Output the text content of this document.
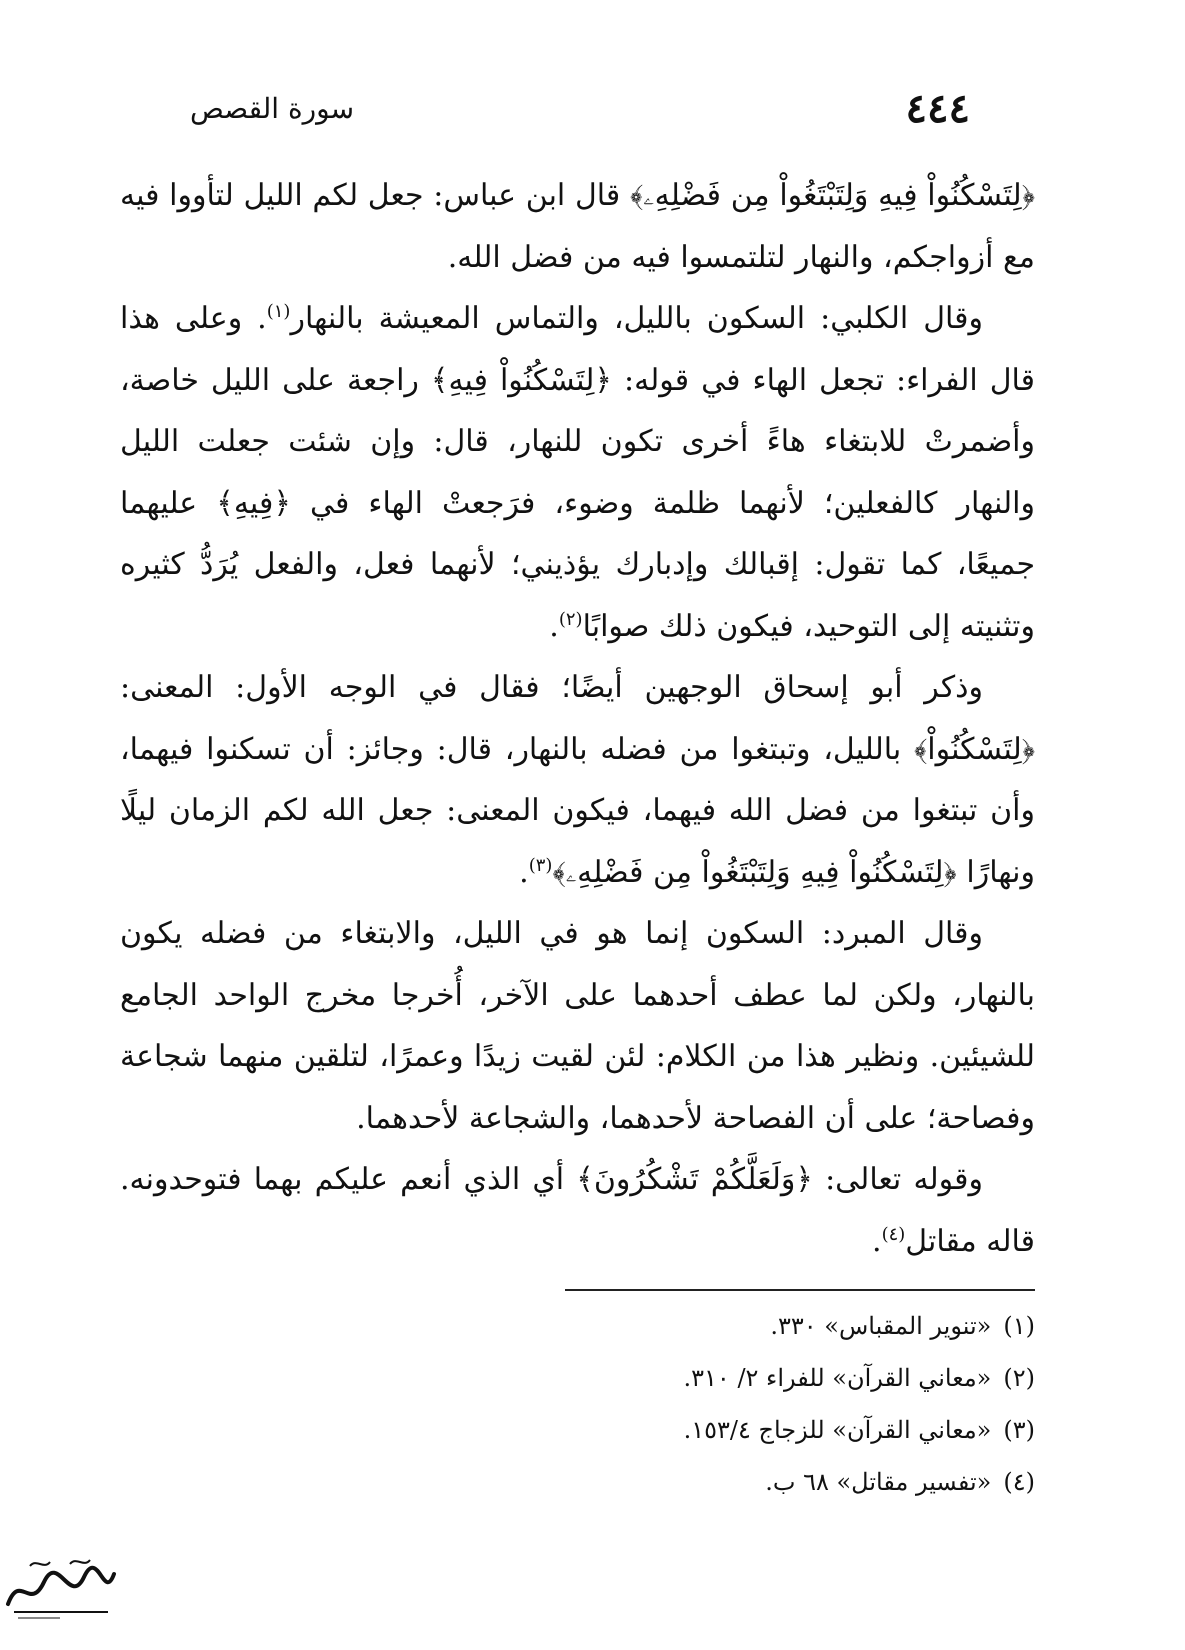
٤٤٤
سورة القصص

﴿لِتَسْكُنُواْ فِيهِ وَلِتَبْتَغُواْ مِن فَضْلِهِۦ﴾ قال ابن عباس: جعل لكم الليل لتأووا فيه مع أزواجكم، والنهار لتلتمسوا فيه من فضل الله.

وقال الكلبي: السكون بالليل، والتماس المعيشة بالنهار$^{(١)}$. وعلى هذا قال الفراء: تجعل الهاء في قوله: ﴿لِتَسْكُنُواْ فِيهِ﴾ راجعة على الليل خاصة، وأضمرتْ للابتغاء هاءً أخرى تكون للنهار، قال: وإن شئت جعلت الليل والنهار كالفعلين؛ لأنهما ظلمة وضوء، فرَجعتْ الهاء في ﴿فِيهِ﴾ عليهما جميعًا، كما تقول: إقبالك وإدبارك يؤذيني؛ لأنهما فعل، والفعل يُرَدُّ كثيره وتثنيته إلى التوحيد، فيكون ذلك صوابًا$^{(٢)}$.

وذكر أبو إسحاق الوجهين أيضًا؛ فقال في الوجه الأول: المعنى: ﴿لِتَسْكُنُواْ﴾ بالليل، وتبتغوا من فضله بالنهار، قال: وجائز: أن تسكنوا فيهما، وأن تبتغوا من فضل الله فيهما، فيكون المعنى: جعل الله لكم الزمان ليلًا ونهارًا ﴿لِتَسْكُنُواْ فِيهِ وَلِتَبْتَغُواْ مِن فَضْلِهِۦ﴾$^{(٣)}$.

وقال المبرد: السكون إنما هو في الليل، والابتغاء من فضله يكون بالنهار، ولكن لما عطف أحدهما على الآخر، أُخرجا مخرج الواحد الجامع للشيئين. ونظير هذا من الكلام: لئن لقيت زيدًا وعمرًا، لتلقين منهما شجاعة وفصاحة؛ على أن الفصاحة لأحدهما، والشجاعة لأحدهما.

وقوله تعالى: ﴿وَلَعَلَّكُمْ تَشْكُرُونَ﴾ أي الذي أنعم عليكم بهما فتوحدونه. قاله مقاتل$^{(٤)}$.

(١)
«تنوير المقباس» ٣٣٠.
(٢)
«معاني القرآن» للفراء ٢/ ٣١٠.
(٣)
«معاني القرآن» للزجاج ١٥٣/٤.
(٤)
«تفسير مقاتل» ٦٨ ب.
